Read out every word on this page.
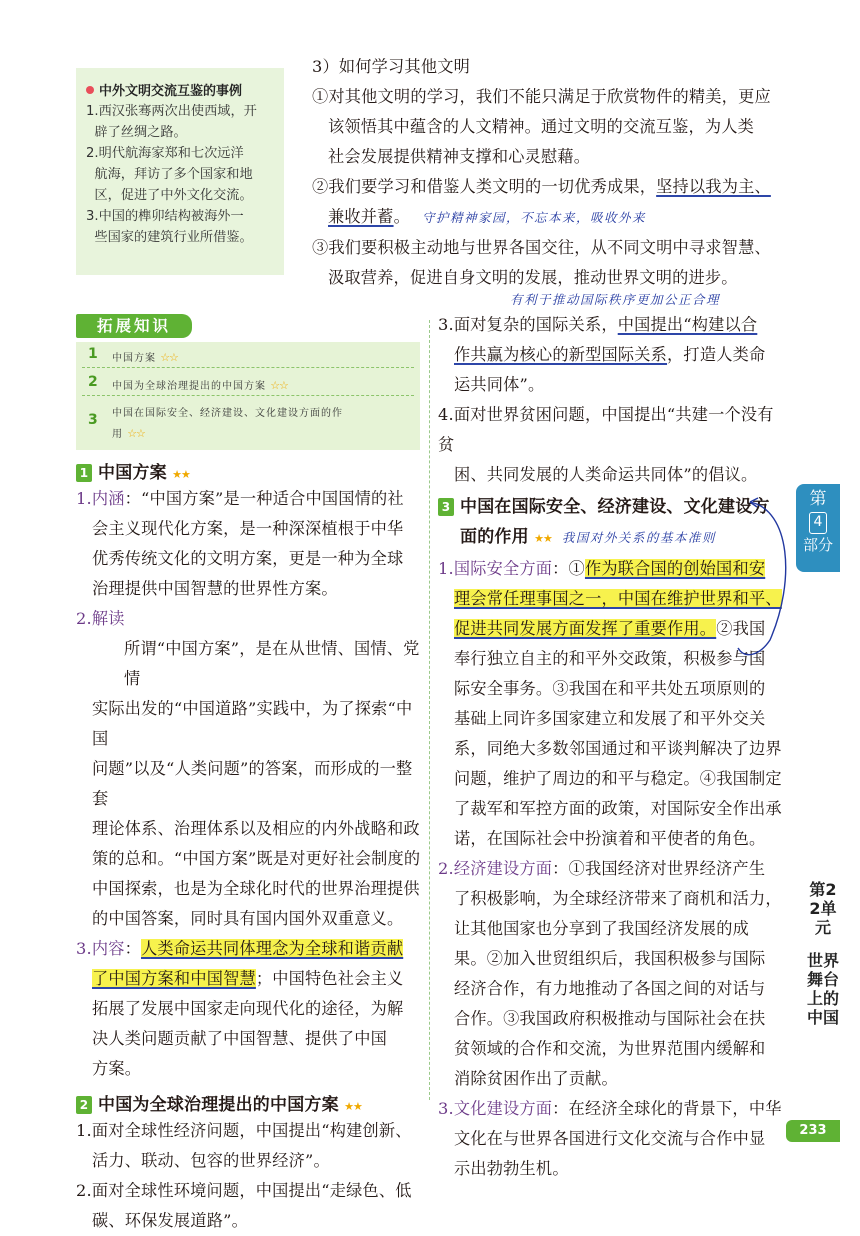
中外文明交流互鉴的事例
1.西汉张骞两次出使西域，开
辟了丝绸之路。
2.明代航海家郑和七次远洋
航海，拜访了多个国家和地
区，促进了中外文化交流。
3.中国的榫卯结构被海外一
些国家的建筑行业所借鉴。
3）如何学习其他文明
①对其他文明的学习，我们不能只满足于欣赏物件的精美，更应
该领悟其中蕴含的人文精神。通过文明的交流互鉴，为人类
社会发展提供精神支撑和心灵慰藉。
②我们要学习和借鉴人类文明的一切优秀成果，坚持以我为主、
兼收并蓄。 守护精神家园，不忘本来，吸收外来
③我们要积极主动地与世界各国交往，从不同文明中寻求智慧、
汲取营养，促进自身文明的发展，推动世界文明的进步。
有利于推动国际秩序更加公正合理
拓展知识
1 中国方案 ☆☆
2 中国为全球治理提出的中国方案 ☆☆
3 中国在国际安全、经济建设、文化建设方面的作
用 ☆☆
1 中国方案 ★★
1.内涵：“中国方案”是一种适合中国国情的社
会主义现代化方案，是一种深深植根于中华
优秀传统文化的文明方案，更是一种为全球
治理提供中国智慧的世界性方案。
2.解读
所谓“中国方案”，是在从世情、国情、党情
实际出发的“中国道路”实践中，为了探索“中国
问题”以及“人类问题”的答案，而形成的一整套
理论体系、治理体系以及相应的内外战略和政
策的总和。“中国方案”既是对更好社会制度的
中国探索，也是为全球化时代的世界治理提供
的中国答案，同时具有国内国外双重意义。
3.内容：人类命运共同体理念为全球和谐贡献
了中国方案和中国智慧；中国特色社会主义
拓展了发展中国家走向现代化的途径，为解
决人类问题贡献了中国智慧、提供了中国
方案。
2 中国为全球治理提出的中国方案 ★★
1.面对全球性经济问题，中国提出“构建创新、
活力、联动、包容的世界经济”。
2.面对全球性环境问题，中国提出“走绿色、低
碳、环保发展道路”。
3.面对复杂的国际关系，中国提出“构建以合
作共赢为核心的新型国际关系，打造人类命
运共同体”。
4.面对世界贫困问题，中国提出“共建一个没有贫
困、共同发展的人类命运共同体”的倡议。
3 中国在国际安全、经济建设、文化建设方
面的作用 ★★ 我国对外关系的基本准则
1.国际安全方面：①作为联合国的创始国和安
理会常任理事国之一，中国在维护世界和平、
促进共同发展方面发挥了重要作用。②我国
奉行独立自主的和平外交政策，积极参与国
际安全事务。③我国在和平共处五项原则的
基础上同许多国家建立和发展了和平外交关
系，同绝大多数邻国通过和平谈判解决了边界
问题，维护了周边的和平与稳定。④我国制定
了裁军和军控方面的政策，对国际安全作出承
诺，在国际社会中扮演着和平使者的角色。
2.经济建设方面：①我国经济对世界经济产生
了积极影响，为全球经济带来了商机和活力，
让其他国家也分享到了我国经济发展的成
果。②加入世贸组织后，我国积极参与国际
经济合作，有力地推动了各国之间的对话与
合作。③我国政府积极推动与国际社会在扶
贫领域的合作和交流，为世界范围内缓解和
消除贫困作出了贡献。
3.文化建设方面：在经济全球化的背景下，中华
文化在与世界各国进行文化交流与合作中显
示出勃勃生机。
第
4
部分
第22单元
世界舞台上的中国
233
